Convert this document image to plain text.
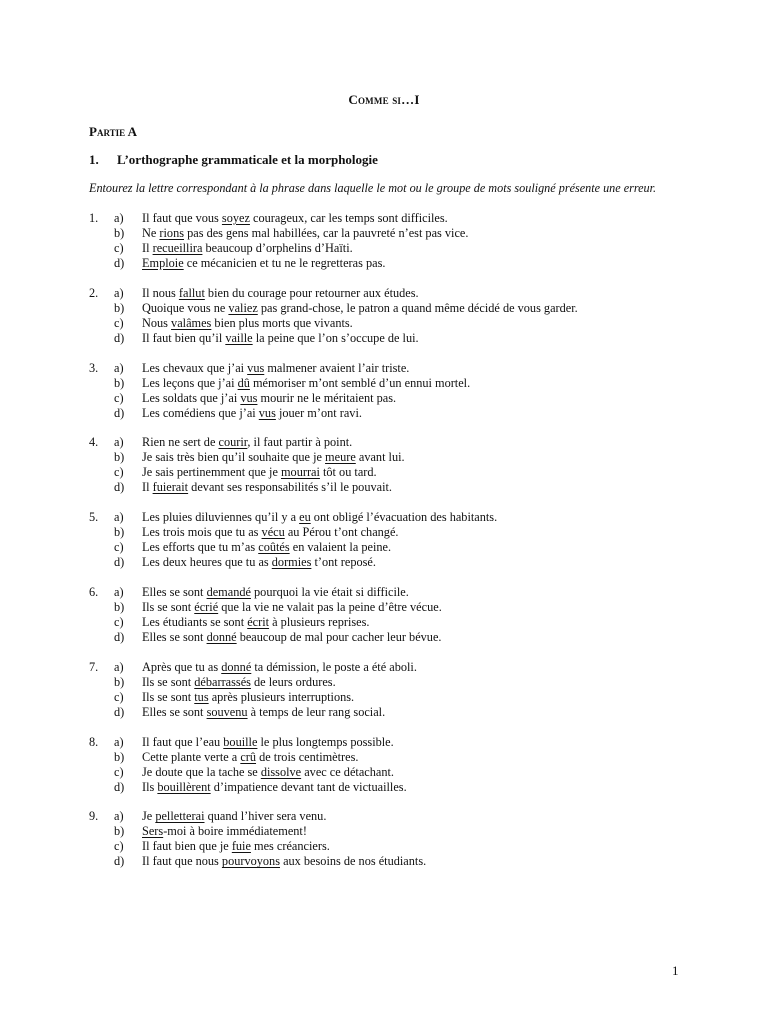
Comme si…I
Partie A
1. L’orthographe grammaticale et la morphologie
Entourez la lettre correspondant à la phrase dans laquelle le mot ou le groupe de mots souligné présente une erreur.
1. a) Il faut que vous soyez courageux, car les temps sont difficiles.
b) Ne rions pas des gens mal habillées, car la pauvreté n’est pas vice.
c) Il recueillira beaucoup d’orphelins d’Haïti.
d) Emploie ce mécanicien et tu ne le regretteras pas.
2. a) Il nous fallut bien du courage pour retourner aux études.
b) Quoique vous ne valiez pas grand-chose, le patron a quand même décidé de vous garder.
c) Nous valâmes bien plus morts que vivants.
d) Il faut bien qu’il vaille la peine que l’on s’occupe de lui.
3. a) Les chevaux que j’ai vus malmener avaient l’air triste.
b) Les leçons que j’ai dû mémoriser m’ont semblé d’un ennui mortel.
c) Les soldats que j’ai vus mourir ne le méritaient pas.
d) Les comédiens que j’ai vus jouer m’ont ravi.
4. a) Rien ne sert de courir, il faut partir à point.
b) Je sais très bien qu’il souhaite que je meure avant lui.
c) Je sais pertinemment que je mourrai tôt ou tard.
d) Il fuierait devant ses responsabilités s’il le pouvait.
5. a) Les pluies diluviennes qu’il y a eu ont obligé l’évacuation des habitants.
b) Les trois mois que tu as vécu au Pérou t’ont changé.
c) Les efforts que tu m’as coûtés en valaient la peine.
d) Les deux heures que tu as dormies t’ont reposé.
6. a) Elles se sont demandé pourquoi la vie était si difficile.
b) Ils se sont écrié que la vie ne valait pas la peine d’être vécue.
c) Les étudiants se sont écrit à plusieurs reprises.
d) Elles se sont donné beaucoup de mal pour cacher leur bévue.
7. a) Après que tu as donné ta démission, le poste a été aboli.
b) Ils se sont débarrassés de leurs ordures.
c) Ils se sont tus après plusieurs interruptions.
d) Elles se sont souvenu à temps de leur rang social.
8. a) Il faut que l’eau bouille le plus longtemps possible.
b) Cette plante verte a crû de trois centimètres.
c) Je doute que la tache se dissolve avec ce détachant.
d) Ils bouillèrent d’impatience devant tant de victuailles.
9. a) Je pelletterai quand l’hiver sera venu.
b) Sers-moi à boire immédiatement!
c) Il faut bien que je fuie mes créanciers.
d) Il faut que nous pourvoyons aux besoins de nos étudiants.
1
